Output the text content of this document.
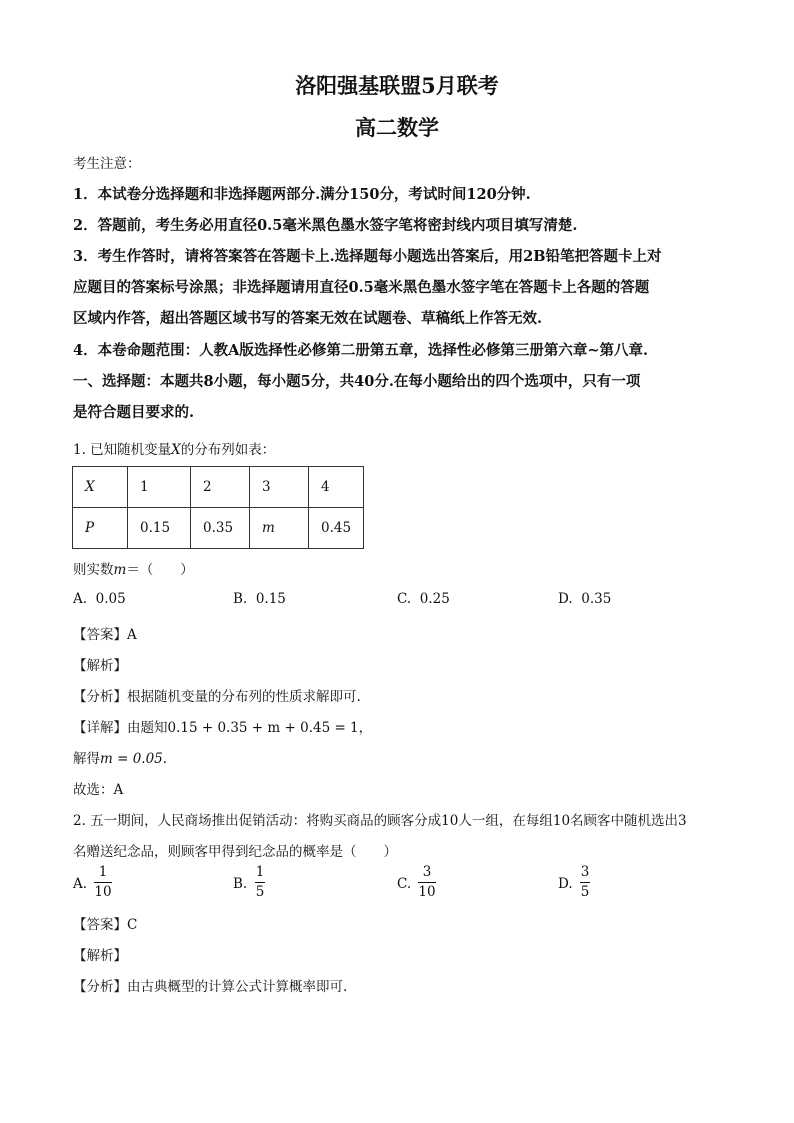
洛阳强基联盟5月联考
高二数学
考生注意：
1．本试卷分选择题和非选择题两部分.满分150分，考试时间120分钟.
2．答题前，考生务必用直径0.5毫米黑色墨水签字笔将密封线内项目填写清楚.
3．考生作答时，请将答案答在答题卡上.选择题每小题选出答案后，用2B铅笔把答题卡上对
应题目的答案标号涂黑；非选择题请用直径0.5毫米黑色墨水签字笔在答题卡上各题的答题
区域内作答，超出答题区域书写的答案无效在试题卷、草稿纸上作答无效.
4．本卷命题范围：人教A版选择性必修第二册第五章，选择性必修第三册第六章~第八章.
一、选择题：本题共8小题，每小题5分，共40分.在每小题给出的四个选项中，只有一项
是符合题目要求的.
1. 已知随机变量X的分布列如表：
X	1	2	3	4
P	0.15	0.35	m	0.45
则实数m＝（　　）
A. 0.05	B. 0.15	C. 0.25	D. 0.35
【答案】A
【解析】
【分析】根据随机变量的分布列的性质求解即可.
【详解】由题知0.15 + 0.35 + m + 0.45 = 1，
解得m = 0.05.
故选：A
2. 五一期间，人民商场推出促销活动：将购买商品的顾客分成10人一组，在每组10名顾客中随机选出3
名赠送纪念品，则顾客甲得到纪念品的概率是（　　）
A.
1
10	B.
1
5	C.
3
10	D.
3
5
【答案】C
【解析】
【分析】由古典概型的计算公式计算概率即可.
